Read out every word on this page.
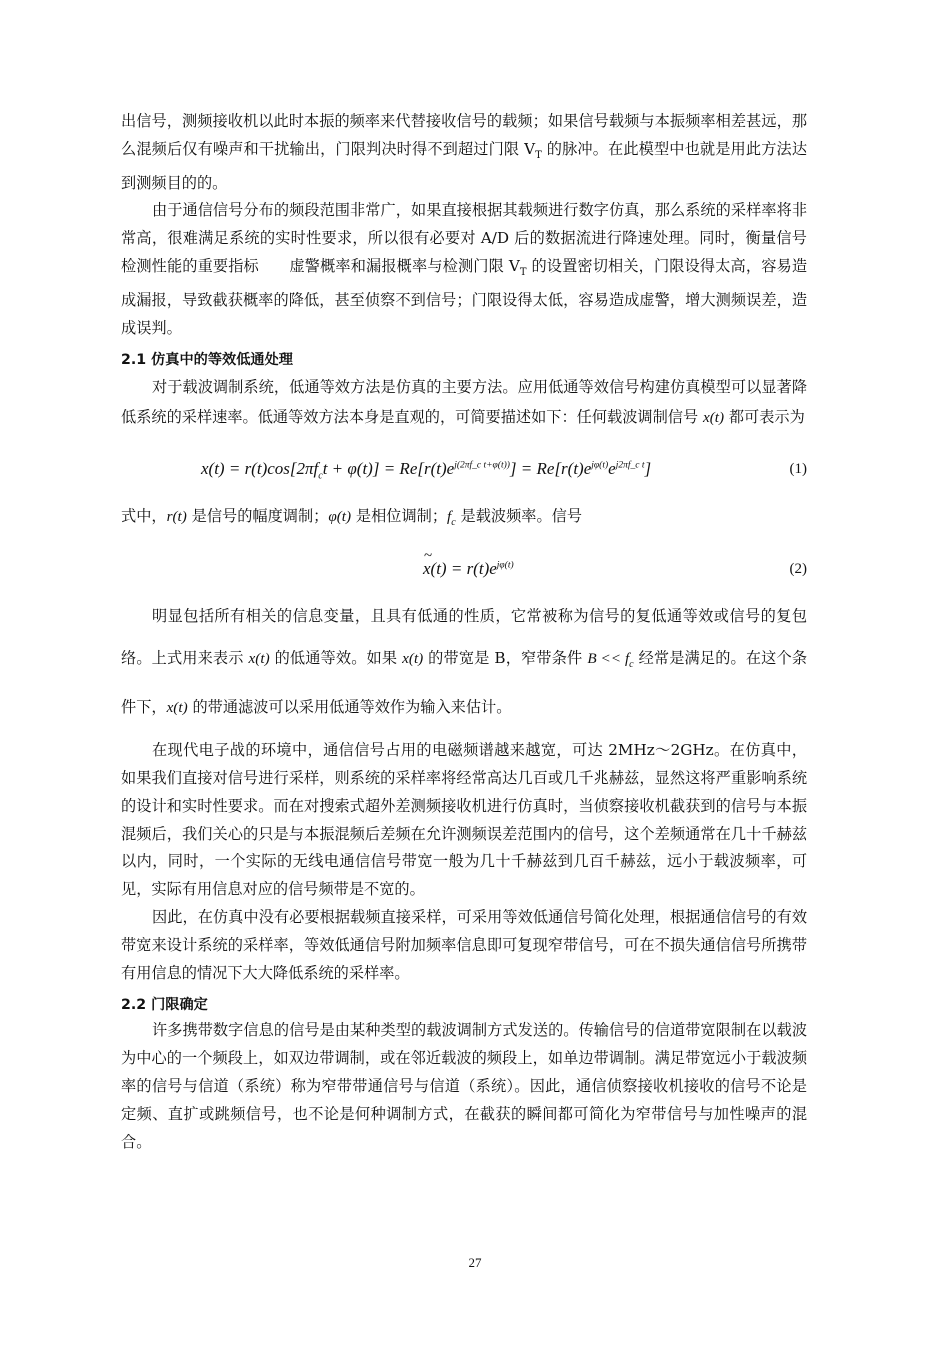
出信号，测频接收机以此时本振的频率来代替接收信号的载频；如果信号载频与本振频率相差甚远，那么混频后仅有噪声和干扰输出，门限判决时得不到超过门限 $V_T$ 的脉冲。在此模型中也就是用此方法达到测频目的的。

由于通信信号分布的频段范围非常广，如果直接根据其载频进行数字仿真，那么系统的采样率将非常高，很难满足系统的实时性要求，所以很有必要对 A/D 后的数据流进行降速处理。同时，衡量信号检测性能的重要指标　　虚警概率和漏报概率与检测门限 $V_T$ 的设置密切相关，门限设得太高，容易造成漏报，导致截获概率的降低，甚至侦察不到信号；门限设得太低，容易造成虚警，增大测频误差，造成误判。

2.1 仿真中的等效低通处理

对于载波调制系统，低通等效方法是仿真的主要方法。应用低通等效信号构建仿真模型可以显著降低系统的采样速率。低通等效方法本身是直观的，可简要描述如下：任何载波调制信号 x(t) 都可表示为

$x(t) = r(t)\cos[2\pi f_ct + \varphi(t)] = Re[r(t)e^{j(2\pi f\_c t+\varphi(t))}] = Re[r(t)e^{j\varphi(t)}e^{j2\pi f\_c t}]$	(1)

式中，r(t) 是信号的幅度调制；φ(t) 是相位调制；$f_c$ 是载波频率。信号

~ $x(t) = r(t)e^{j\varphi(t)}$	(2)

明显包括所有相关的信息变量，且具有低通的性质，它常被称为信号的复低通等效或信号的复包络。上式用来表示 x(t) 的低通等效。如果 x(t) 的带宽是 B，窄带条件 $B << f_c$ 经常是满足的。在这个条件下，x(t) 的带通滤波可以采用低通等效作为输入来估计。

在现代电子战的环境中，通信信号占用的电磁频谱越来越宽，可达 2MHz～2GHz。在仿真中，如果我们直接对信号进行采样，则系统的采样率将经常高达几百或几千兆赫兹，显然这将严重影响系统的设计和实时性要求。而在对搜索式超外差测频接收机进行仿真时，当侦察接收机截获到的信号与本振混频后，我们关心的只是与本振混频后差频在允许测频误差范围内的信号，这个差频通常在几十千赫兹以内，同时，一个实际的无线电通信信号带宽一般为几十千赫兹到几百千赫兹，远小于载波频率，可见，实际有用信息对应的信号频带是不宽的。

因此，在仿真中没有必要根据载频直接采样，可采用等效低通信号简化处理，根据通信信号的有效带宽来设计系统的采样率，等效低通信号附加频率信息即可复现窄带信号，可在不损失通信信号所携带有用信息的情况下大大降低系统的采样率。

2.2 门限确定

许多携带数字信息的信号是由某种类型的载波调制方式发送的。传输信号的信道带宽限制在以载波为中心的一个频段上，如双边带调制，或在邻近载波的频段上，如单边带调制。满足带宽远小于载波频率的信号与信道（系统）称为窄带带通信号与信道（系统）。因此，通信侦察接收机接收的信号不论是定频、直扩或跳频信号，也不论是何种调制方式，在截获的瞬间都可简化为窄带信号与加性噪声的混合。

27
